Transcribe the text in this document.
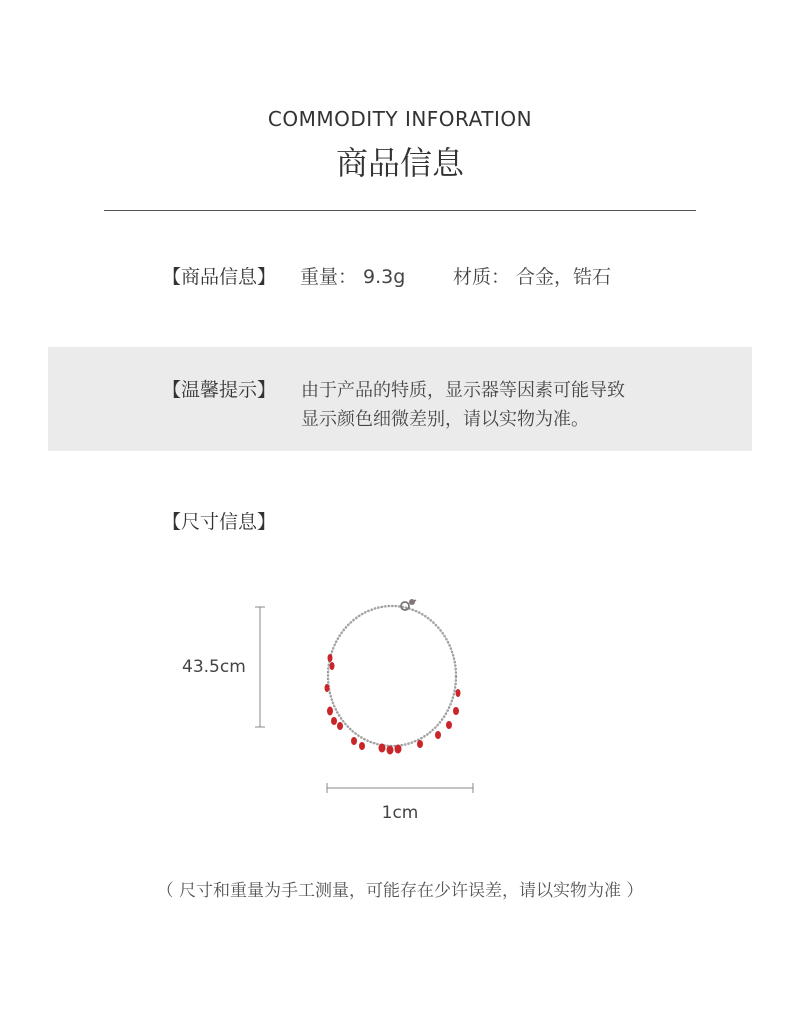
COMMODITY INFORATION
商品信息
【商品信息】 重量： 9.3g	材质： 合金，锆石
【温馨提示】 由于产品的特质，显示器等因素可能导致
显示颜色细微差别，请以实物为准。
【尺寸信息】
43.5cm
1cm
（ 尺寸和重量为手工测量，可能存在少许误差，请以实物为准 ）
